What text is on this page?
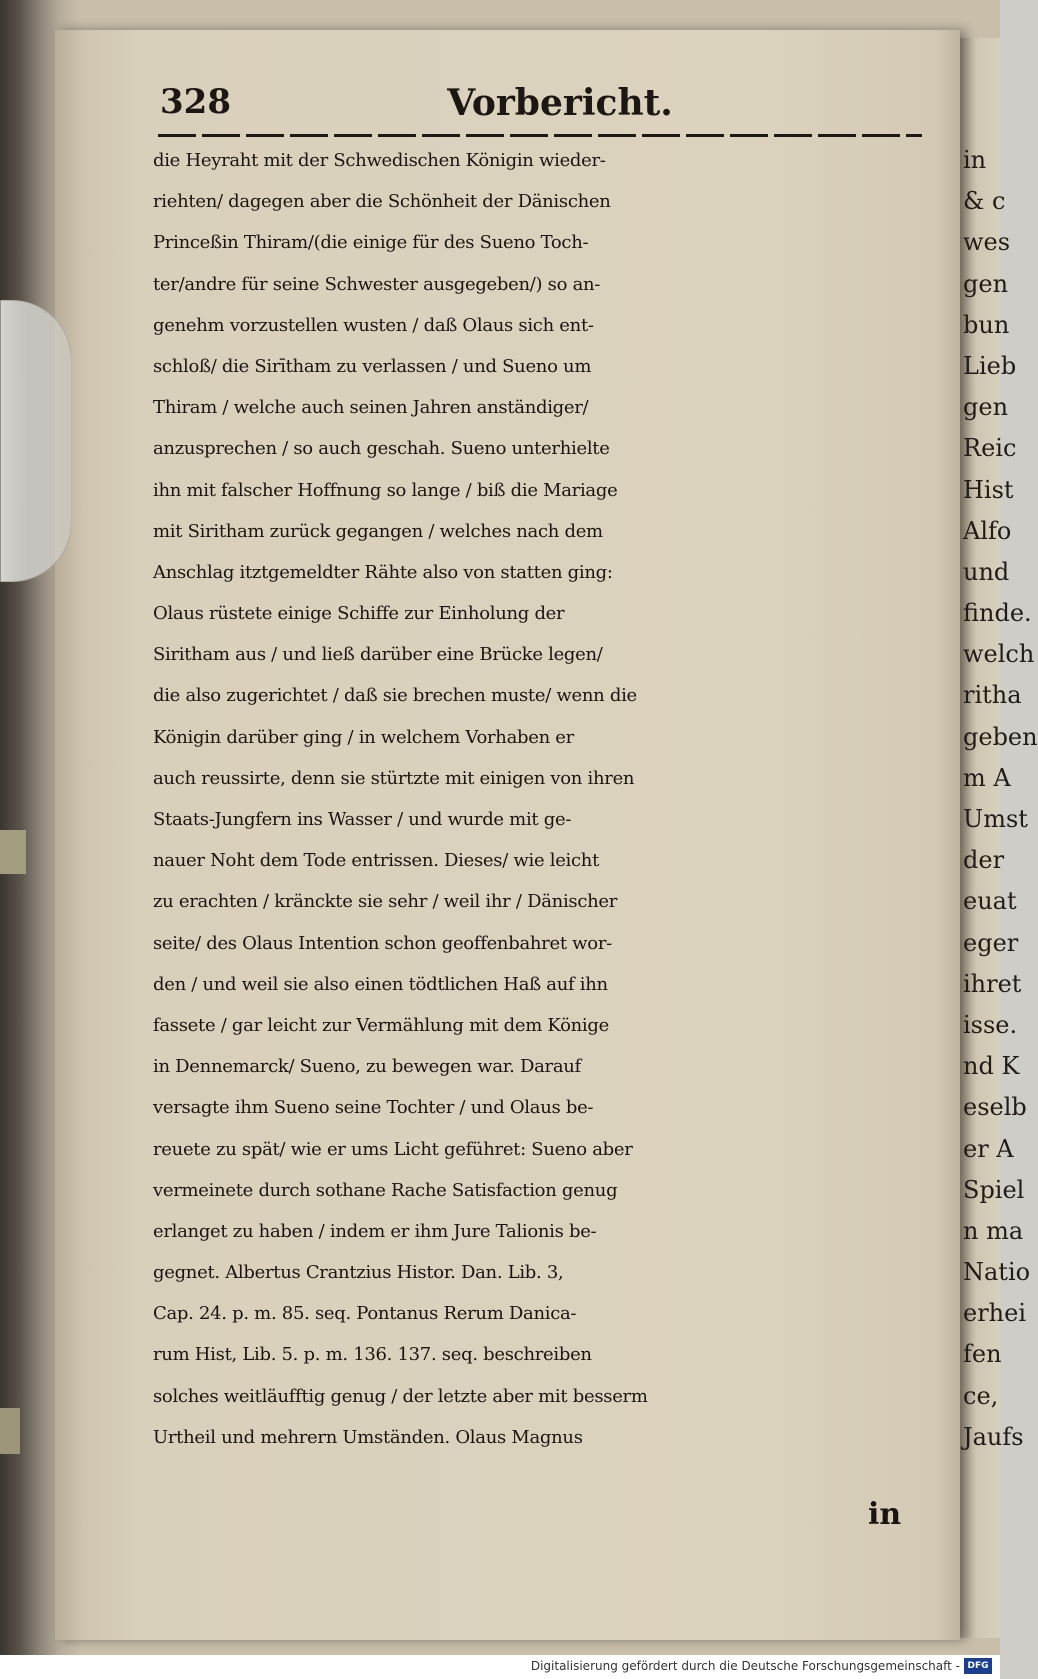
328	Vorbericht.
die Heyraht mit der Schwedischen Königin wieder-
riehten/ dagegen aber die Schönheit der Dänischen
Princeßin Thiram/(die einige für des Sueno Toch-
ter/andre für seine Schwester ausgegeben/) so an-
genehm vorzustellen wusten / daß Olaus sich ent-
schloß/ die Sirītham zu verlassen / und Sueno um
Thiram / welche auch seinen Jahren anständiger/
anzusprechen / so auch geschah. Sueno unterhielte
ihn mit falscher Hoffnung so lange / biß die Mariage
mit Siritham zurück gegangen / welches nach dem
Anschlag itztgemeldter Rähte also von statten ging:
Olaus rüstete einige Schiffe zur Einholung der
Siritham aus / und ließ darüber eine Brücke legen/
die also zugerichtet / daß sie brechen muste/ wenn die
Königin darüber ging / in welchem Vorhaben er
auch reussirte, denn sie stürtzte mit einigen von ihren
Staats-Jungfern ins Wasser / und wurde mit ge-
nauer Noht dem Tode entrissen. Dieses/ wie leicht
zu erachten / kränckte sie sehr / weil ihr / Dänischer
seite/ des Olaus Intention schon geoffenbahret wor-
den / und weil sie also einen tödtlichen Haß auf ihn
fassete / gar leicht zur Vermählung mit dem Könige
in Dennemarck/ Sueno, zu bewegen war. Darauf
versagte ihm Sueno seine Tochter / und Olaus be-
reuete zu spät/ wie er ums Licht geführet: Sueno aber
vermeinete durch sothane Rache Satisfaction genug
erlanget zu haben / indem er ihm Jure Talionis be-
gegnet. Albertus Crantzius Histor. Dan. Lib. 3,
Cap. 24. p. m. 85. seq. Pontanus Rerum Danica-
rum Hist, Lib. 5. p. m. 136. 137. seq. beschreiben
solches weitläufftig genug / der letzte aber mit besserm
Urtheil und mehrern Umständen. Olaus Magnus
in
in
& c
wes
gen
bun
Lieb
gen
Reic
Hist
Alfo
und
finde.
welch
ritha
geben
m A
Umst
der
euat
eger
ihret
isse.
nd K
eselb
er A
Spiel
n ma
Natio
erhei
fen
ce,
Jaufs
Digitalisierung gefördert durch die Deutsche Forschungsgemeinschaft - DFG
